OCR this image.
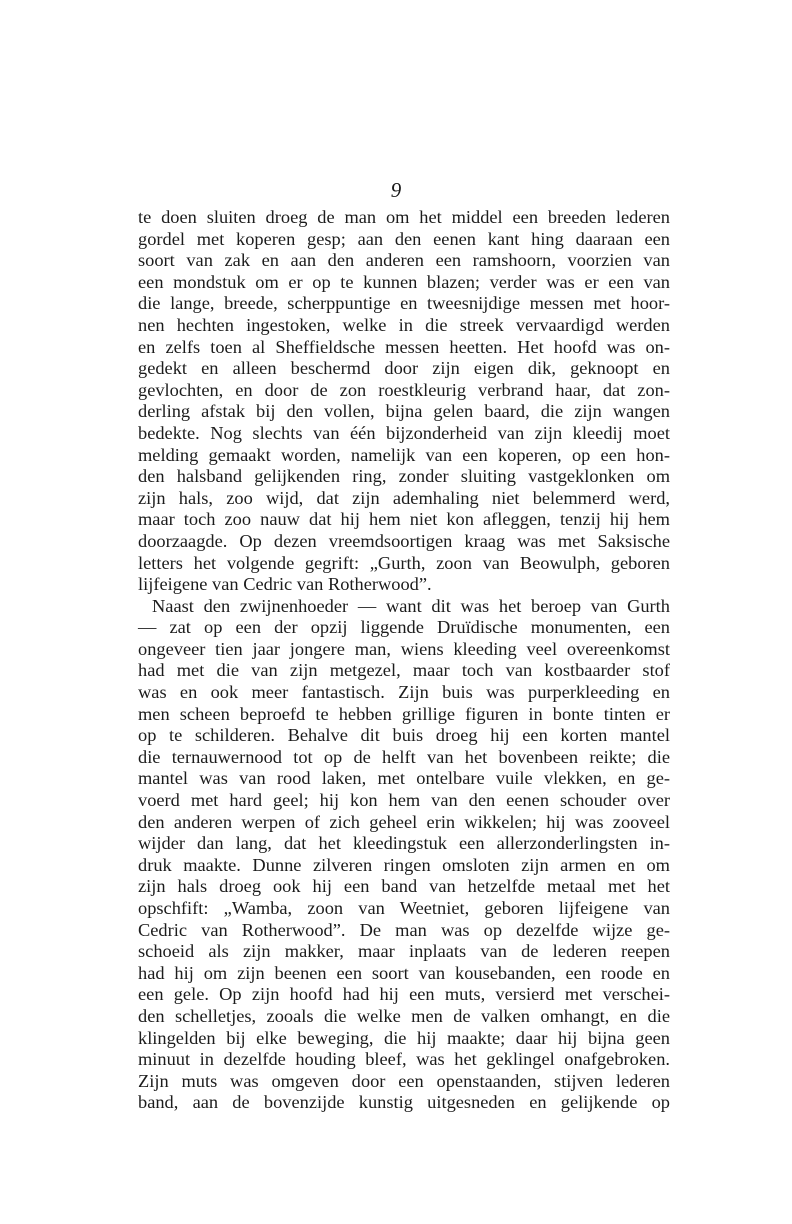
9
te doen sluiten droeg de man om het middel een breeden lederen
gordel met koperen gesp; aan den eenen kant hing daaraan een
soort van zak en aan den anderen een ramshoorn, voorzien van
een mondstuk om er op te kunnen blazen; verder was er een van
die lange, breede, scherppuntige en tweesnijdige messen met hoor-
nen hechten ingestoken, welke in die streek vervaardigd werden
en zelfs toen al Sheffieldsche messen heetten. Het hoofd was on-
gedekt en alleen beschermd door zijn eigen dik, geknoopt en
gevlochten, en door de zon roestkleurig verbrand haar, dat zon-
derling afstak bij den vollen, bijna gelen baard, die zijn wangen
bedekte. Nog slechts van één bijzonderheid van zijn kleedij moet
melding gemaakt worden, namelijk van een koperen, op een hon-
den halsband gelijkenden ring, zonder sluiting vastgeklonken om
zijn hals, zoo wijd, dat zijn ademhaling niet belemmerd werd,
maar toch zoo nauw dat hij hem niet kon afleggen, tenzij hij hem
doorzaagde. Op dezen vreemdsoortigen kraag was met Saksische
letters het volgende gegrift: „Gurth, zoon van Beowulph, geboren
lijfeigene van Cedric van Rotherwood”.
Naast den zwijnenhoeder — want dit was het beroep van Gurth
— zat op een der opzij liggende Druïdische monumenten, een
ongeveer tien jaar jongere man, wiens kleeding veel overeenkomst
had met die van zijn metgezel, maar toch van kostbaarder stof
was en ook meer fantastisch. Zijn buis was purperkleeding en
men scheen beproefd te hebben grillige figuren in bonte tinten er
op te schilderen. Behalve dit buis droeg hij een korten mantel
die ternauwernood tot op de helft van het bovenbeen reikte; die
mantel was van rood laken, met ontelbare vuile vlekken, en ge-
voerd met hard geel; hij kon hem van den eenen schouder over
den anderen werpen of zich geheel erin wikkelen; hij was zooveel
wijder dan lang, dat het kleedingstuk een allerzonderlingsten in-
druk maakte. Dunne zilveren ringen omsloten zijn armen en om
zijn hals droeg ook hij een band van hetzelfde metaal met het
opschfift: „Wamba, zoon van Weetniet, geboren lijfeigene van
Cedric van Rotherwood”. De man was op dezelfde wijze ge-
schoeid als zijn makker, maar inplaats van de lederen reepen
had hij om zijn beenen een soort van kousebanden, een roode en
een gele. Op zijn hoofd had hij een muts, versierd met verschei-
den schelletjes, zooals die welke men de valken omhangt, en die
klingelden bij elke beweging, die hij maakte; daar hij bijna geen
minuut in dezelfde houding bleef, was het geklingel onafgebroken.
Zijn muts was omgeven door een openstaanden, stijven lederen
band, aan de bovenzijde kunstig uitgesneden en gelijkende op
